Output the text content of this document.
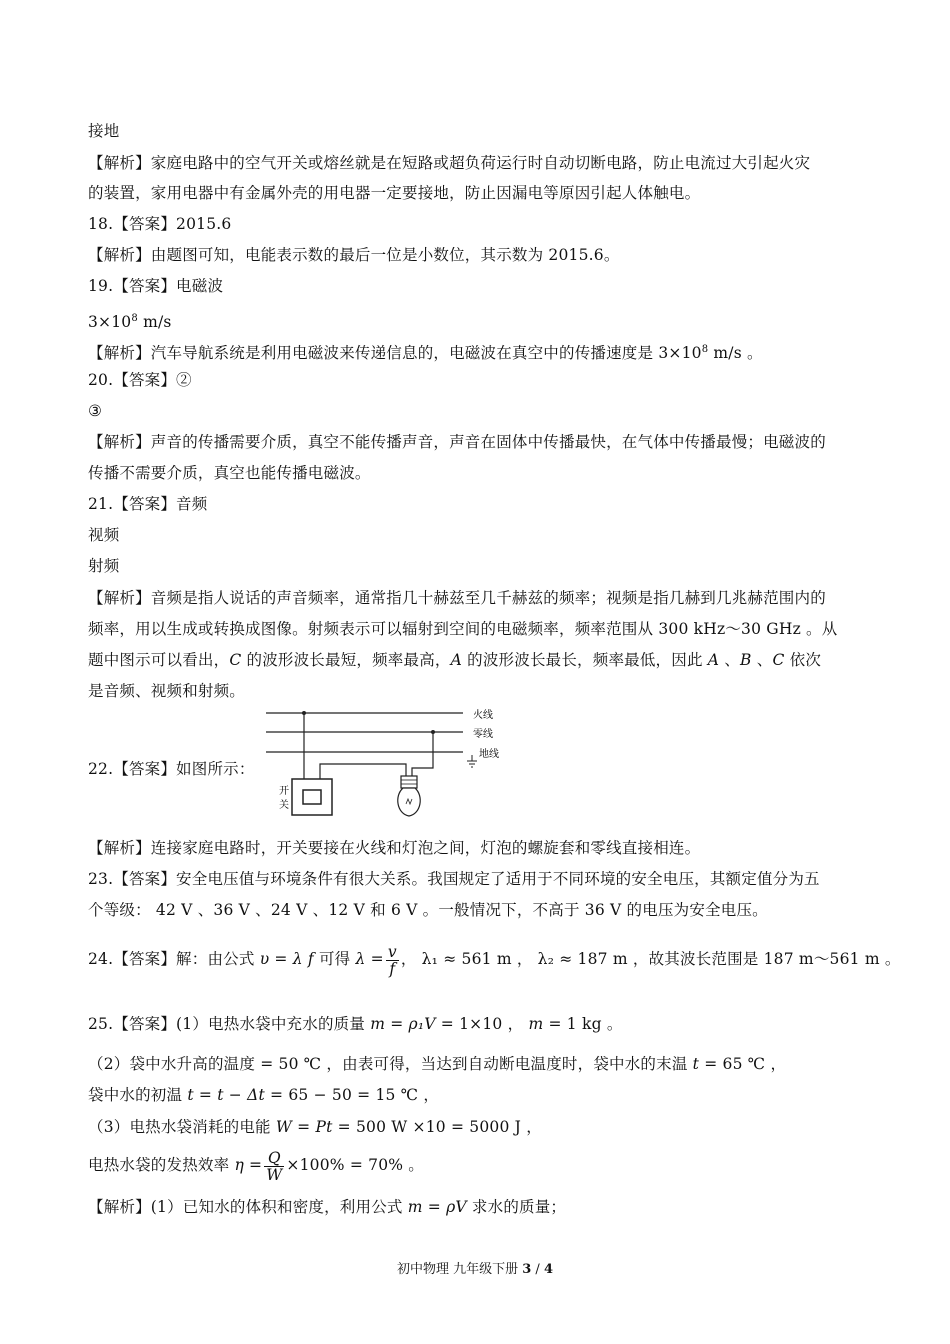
接地
【解析】家庭电路中的空气开关或熔丝就是在短路或超负荷运行时自动切断电路，防止电流过大引起火灾
的装置，家用电器中有金属外壳的用电器一定要接地，防止因漏电等原因引起人体触电。
18.【答案】2015.6
【解析】由题图可知，电能表示数的最后一位是小数位，其示数为 2015.6。
19.【答案】电磁波
$3\times 10^8$ m/s
【解析】汽车导航系统是利用电磁波来传递信息的，电磁波在真空中的传播速度是 $3\times 10^8$ m/s 。
20.【答案】②
③
【解析】声音的传播需要介质，真空不能传播声音，声音在固体中传播最快，在气体中传播最慢；电磁波的
传播不需要介质，真空也能传播电磁波。
21.【答案】音频
视频
射频
【解析】音频是指人说话的声音频率，通常指几十赫兹至几千赫兹的频率；视频是指几赫到几兆赫范围内的
频率，用以生成或转换成图像。射频表示可以辐射到空间的电磁频率，频率范围从 300 kHz～30 GHz 。从
题中图示可以看出，C 的波形波长最短，频率最高，A 的波形波长最长，频率最低，因此 A 、B 、C 依次
是音频、视频和射频。
22.【答案】如图所示：
火线
零线
地线
开
关
【解析】连接家庭电路时，开关要接在火线和灯泡之间，灯泡的螺旋套和零线直接相连。
23.【答案】安全电压值与环境条件有很大关系。我国规定了适用于不同环境的安全电压，其额定值分为五
个等级： 42 V 、36 V 、24 V 、12 V 和 6 V 。一般情况下，不高于 36 V 的电压为安全电压。
24.【答案】解：由公式 υ = λ f 可得 $\lambda = \frac{v}{f}$ ， λ₁ ≈ 561 m ， λ₂ ≈ 187 m ，故其波长范围是 187 m～561 m 。
25.【答案】(1）电热水袋中充水的质量 m = ρ₁V = 1×10 ， m = 1 kg 。
（2）袋中水升高的温度 = 50 ℃ ，由表可得，当达到自动断电温度时，袋中水的末温 t = 65 ℃ ，
袋中水的初温 t = t − Δt = 65 − 50 = 15 ℃ ，
（3）电热水袋消耗的电能 W = Pt = 500 W ×10 = 5000 J ，
电热水袋的发热效率 $\eta = \frac{Q}{W} \times 100\% = 70\%$ 。
【解析】(1）已知水的体积和密度，利用公式 m = ρV 求水的质量；
初中物理 九年级下册 3 / 4
